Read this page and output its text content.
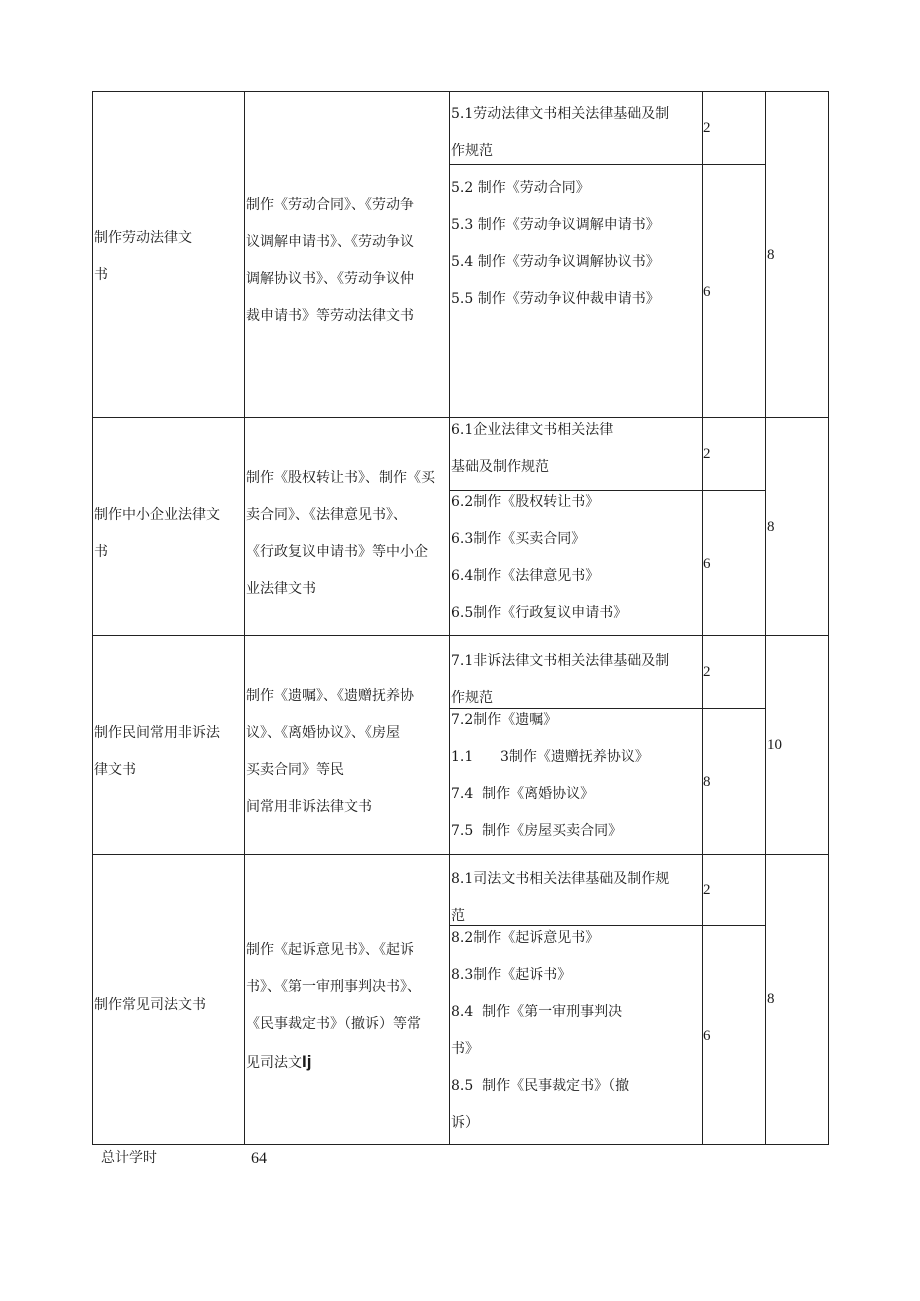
制作劳动法律文
书
制作《劳动合同》、《劳动争
议调解申请书》、《劳动争议
调解协议书》、《劳动争议仲
裁申请书》等劳动法律文书
5.1劳动法律文书相关法律基础及制
作规范
2
5.2 制作《劳动合同》
5.3 制作《劳动争议调解申请书》
5.4 制作《劳动争议调解协议书》
5.5 制作《劳动争议仲裁申请书》	6
8
制作中小企业法律文
书
制作《股权转让书》、制作《买
卖合同》、《法律意见书》、
《行政复议申请书》等中小企
业法律文书
6.1企业法律文书相关法律
基础及制作规范
2
6.2制作《股权转让书》
6.3制作《买卖合同》
6.4制作《法律意见书》
6.5制作《行政复议申请书》
6
8
制作民间常用非诉法
律文书
制作《遗嘱》、《遗赠抚养协
议》、《离婚协议》、《房屋
买卖合同》等民
间常用非诉法律文书
7.1非诉法律文书相关法律基础及制
作规范
2
7.2制作《遗嘱》
1.1      3制作《遗赠抚养协议》
7.4  制作《离婚协议》
7.5  制作《房屋买卖合同》
8
10
制作常见司法文书
制作《起诉意见书》、《起诉
书》、《第一审刑事判决书》、
《民事裁定书》（撤诉）等常
见司法文Ij
8.1司法文书相关法律基础及制作规
范
2
8.2制作《起诉意见书》
8.3制作《起诉书》
8.4  制作《第一审刑事判决
书》
8.5  制作《民事裁定书》（撤
诉）
6
8
总计学时	64
